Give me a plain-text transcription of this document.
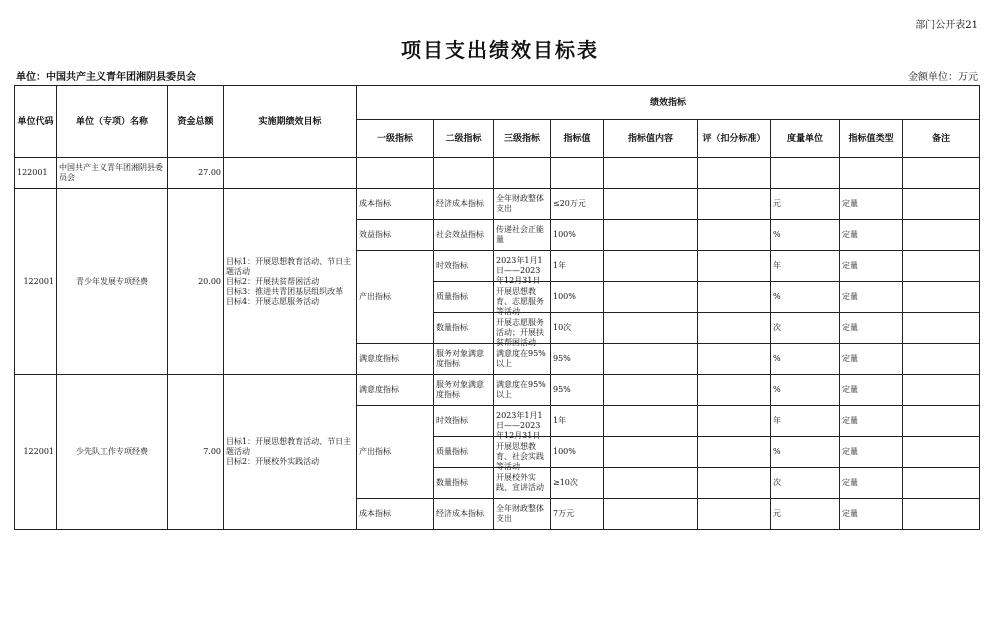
部门公开表21
项目支出绩效目标表
单位：中国共产主义青年团湘阴县委员会	金额单位：万元
单位代码	单位（专项）名称	资金总额	实施期绩效目标	绩效指标								
				一级指标	二级指标	三级指标	指标值	指标值内容	评（扣分标准）	度量单位	指标值类型	备注
122001	中国共产主义青年团湘阴县委员会	27.00										
122001	青少年发展专项经费	20.00	目标1：开展思想教育活动、节日主题活动
目标2：开展扶贫帮困活动
目标3：推进共青团基层组织改革
目标4：开展志愿服务活动	成本指标	经济成本指标	全年财政整体支出	≤20万元			元	定量	
				效益指标	社会效益指标	传递社会正能量	100%			%	定量	
				产出指标	时效指标	2023年1月1日——2023年12月31日	1年			年	定量	
					质量指标	开展思想教育、志愿服务等活动	100%			%	定量	
					数量指标	开展志愿服务活动；开展扶贫帮困活动	10次			次	定量	
				满意度指标	服务对象满意度指标	满意度在95%以上	95%			%	定量	
122001	少先队工作专项经费	7.00	目标1：开展思想教育活动、节日主题活动
目标2：开展校外实践活动	满意度指标	服务对象满意度指标	满意度在95%以上	95%			%	定量	
				产出指标	时效指标	2023年1月1日——2023年12月31日	1年			年	定量	
					质量指标	开展思想教育、社会实践等活动	100%			%	定量	
					数量指标	开展校外实践、宣讲活动	≥10次			次	定量	
				成本指标	经济成本指标	全年财政整体支出	7万元			元	定量	
